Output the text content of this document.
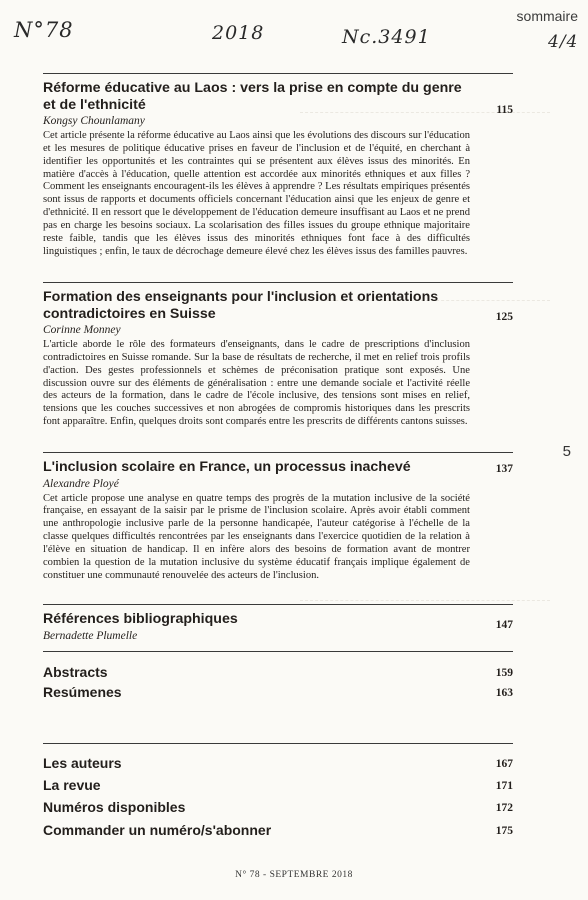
N°78	2018	Nc.3491	4/4
sommaire
5
Réforme éducative au Laos : vers la prise en compte du genre et de l'ethnicité	115
Kongsy Chounlamany
Cet article présente la réforme éducative au Laos ainsi que les évolutions des discours sur l'éducation et les mesures de politique éducative prises en faveur de l'inclusion et de l'équité, en cherchant à identifier les opportunités et les contraintes qui se présentent aux élèves issus des minorités. En matière d'accès à l'éducation, quelle attention est accordée aux minorités ethniques et aux filles ? Comment les enseignants encouragent-ils les élèves à apprendre ? Les résultats empiriques présentés sont issus de rapports et documents officiels concernant l'éducation ainsi que les enjeux de genre et d'ethnicité. Il en ressort que le développement de l'éducation demeure insuffisant au Laos et ne prend pas en charge les besoins sociaux. La scolarisation des filles issues du groupe ethnique majoritaire reste faible, tandis que les élèves issus des minorités ethniques font face à des difficultés linguistiques ; enfin, le taux de décrochage demeure élevé chez les élèves issus des familles pauvres.
Formation des enseignants pour l'inclusion et orientations contradictoires en Suisse	125
Corinne Monney
L'article aborde le rôle des formateurs d'enseignants, dans le cadre de prescriptions d'inclusion contradictoires en Suisse romande. Sur la base de résultats de recherche, il met en relief trois profils d'action. Des gestes professionnels et schèmes de préconisation pratique sont exposés. Une discussion ouvre sur des éléments de généralisation : entre une demande sociale et l'activité réelle des acteurs de la formation, dans le cadre de l'école inclusive, des tensions sont mises en relief, tensions que les couches successives et non abrogées de compromis historiques dans les prescrits font apparaître. Enfin, quelques droits sont comparés entre les prescrits de différents cantons suisses.
L'inclusion scolaire en France, un processus inachevé	137
Alexandre Ployé
Cet article propose une analyse en quatre temps des progrès de la mutation inclusive de la société française, en essayant de la saisir par le prisme de l'inclusion scolaire. Après avoir établi comment une anthropologie inclusive parle de la personne handicapée, l'auteur catégorise à l'échelle de la classe quelques difficultés rencontrées par les enseignants dans l'exercice quotidien de la relation à l'élève en situation de handicap. Il en infère alors des besoins de formation avant de montrer combien la question de la mutation inclusive du système éducatif français implique également de constituer une communauté renouvelée des acteurs de l'inclusion.
Références bibliographiques	147
Bernadette Plumelle
Abstracts	159
Resúmenes	163
Les auteurs	167
La revue	171
Numéros disponibles	172
Commander un numéro/s'abonner	175
N° 78 - SEPTEMBRE 2018
